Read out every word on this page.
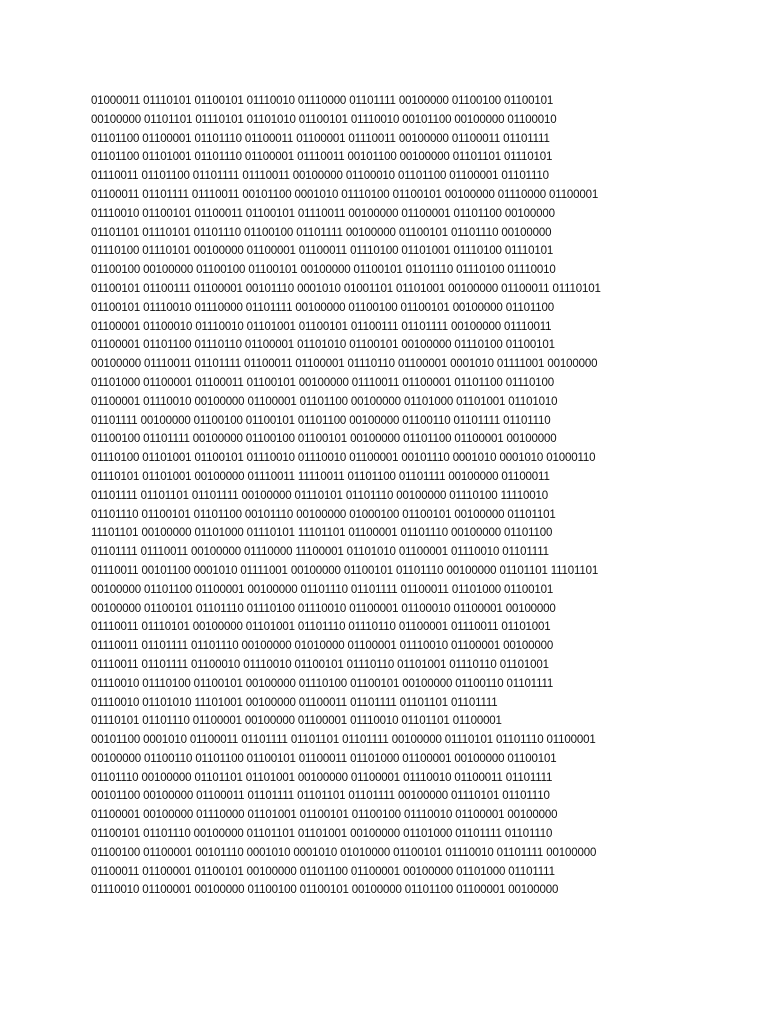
01000011 01110101 01100101 01110010 01110000 01101111 00100000 01100100 01100101
00100000 01101101 01110101 01101010 01100101 01110010 00101100 00100000 01100010
01101100 01100001 01101110 01100011 01100001 01110011 00100000 01100011 01101111
01101100 01101001 01101110 01100001 01110011 00101100 00100000 01101101 01110101
01110011 01101100 01101111 01110011 00100000 01100010 01101100 01100001 01101110
01100011 01101111 01110011 00101100 0001010 01110100 01100101 00100000 01110000 01100001
01110010 01100101 01100011 01100101 01110011 00100000 01100001 01101100 00100000
01101101 01110101 01101110 01100100 01101111 00100000 01100101 01101110 00100000
01110100 01110101 00100000 01100001 01100011 01110100 01101001 01110100 01110101
01100100 00100000 01100100 01100101 00100000 01100101 01101110 01110100 01110010
01100101 01100111 01100001 00101110 0001010 01001101 01101001 00100000 01100011 01110101
01100101 01110010 01110000 01101111 00100000 01100100 01100101 00100000 01101100
01100001 01100010 01110010 01101001 01100101 01100111 01101111 00100000 01110011
01100001 01101100 01110110 01100001 01101010 01100101 00100000 01110100 01100101
00100000 01110011 01101111 01100011 01100001 01110110 01100001 0001010 01111001 00100000
01101000 01100001 01100011 01100101 00100000 01110011 01100001 01101100 01110100
01100001 01110010 00100000 01100001 01101100 00100000 01101000 01101001 01101010
01101111 00100000 01100100 01100101 01101100 00100000 01100110 01101111 01101110
01100100 01101111 00100000 01100100 01100101 00100000 01101100 01100001 00100000
01110100 01101001 01100101 01110010 01110010 01100001 00101110 0001010 0001010 01000110
01110101 01101001 00100000 01110011 11110011 01101100 01101111 00100000 01100011
01101111 01101101 01101111 00100000 01110101 01101110 00100000 01110100 11110010
01101110 01100101 01101100 00101110 00100000 01000100 01100101 00100000 01101101
11101101 00100000 01101000 01110101 11101101 01100001 01101110 00100000 01101100
01101111 01110011 00100000 01110000 11100001 01101010 01100001 01110010 01101111
01110011 00101100 0001010 01111001 00100000 01100101 01101110 00100000 01101101 11101101
00100000 01101100 01100001 00100000 01101110 01101111 01100011 01101000 01100101
00100000 01100101 01101110 01110100 01110010 01100001 01100010 01100001 00100000
01110011 01110101 00100000 01101001 01101110 01110110 01100001 01110011 01101001
01110011 01101111 01101110 00100000 01010000 01100001 01110010 01100001 00100000
01110011 01101111 01100010 01110010 01100101 01110110 01101001 01110110 01101001
01110010 01110100 01100101 00100000 01110100 01100101 00100000 01100110 01101111
01110010 01101010 11101001 00100000 01100011 01101111 01101101 01101111
01110101 01101110 01100001 00100000 01100001 01110010 01101101 01100001
00101100 0001010 01100011 01101111 01101101 01101111 00100000 01110101 01101110 01100001
00100000 01100110 01101100 01100101 01100011 01101000 01100001 00100000 01100101
01101110 00100000 01101101 01101001 00100000 01100001 01110010 01100011 01101111
00101100 00100000 01100011 01101111 01101101 01101111 00100000 01110101 01101110
01100001 00100000 01110000 01101001 01100101 01100100 01110010 01100001 00100000
01100101 01101110 00100000 01101101 01101001 00100000 01101000 01101111 01101110
01100100 01100001 00101110 0001010 0001010 01010000 01100101 01110010 01101111 00100000
01100011 01100001 01100101 00100000 01101100 01100001 00100000 01101000 01101111
01110010 01100001 00100000 01100100 01100101 00100000 01101100 01100001 00100000
